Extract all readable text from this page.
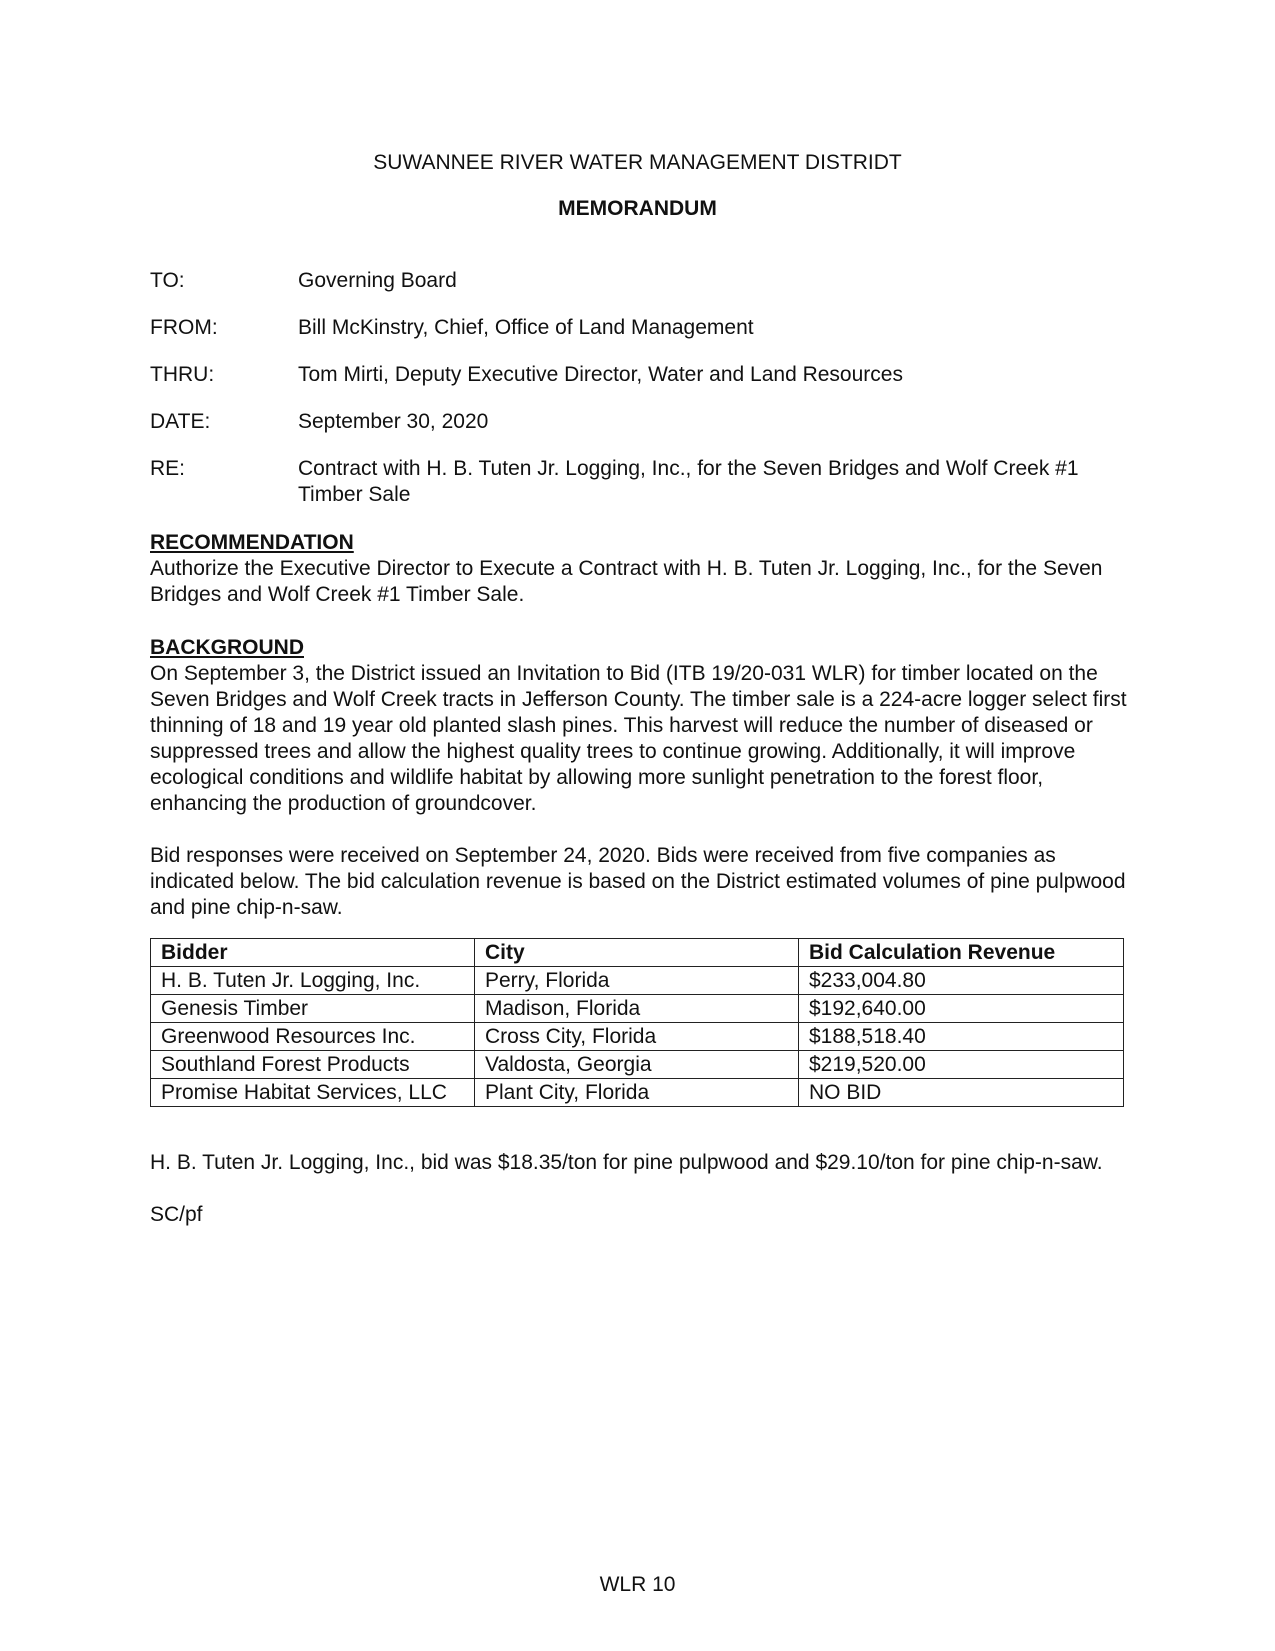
SUWANNEE RIVER WATER MANAGEMENT DISTRIDT
MEMORANDUM
TO:	Governing Board
FROM:	Bill McKinstry, Chief, Office of Land Management
THRU:	Tom Mirti, Deputy Executive Director, Water and Land Resources
DATE:	September 30, 2020
RE:	Contract with H. B. Tuten Jr. Logging, Inc., for the Seven Bridges and Wolf Creek #1 Timber Sale
RECOMMENDATION

Authorize the Executive Director to Execute a Contract with H. B. Tuten Jr. Logging, Inc., for the Seven Bridges and Wolf Creek #1 Timber Sale.

BACKGROUND

On September 3, the District issued an Invitation to Bid (ITB 19/20-031 WLR) for timber located on the Seven Bridges and Wolf Creek tracts in Jefferson County. The timber sale is a 224-acre logger select first thinning of 18 and 19 year old planted slash pines. This harvest will reduce the number of diseased or suppressed trees and allow the highest quality trees to continue growing. Additionally, it will improve ecological conditions and wildlife habitat by allowing more sunlight penetration to the forest floor, enhancing the production of groundcover.

Bid responses were received on September 24, 2020. Bids were received from five companies as indicated below. The bid calculation revenue is based on the District estimated volumes of pine pulpwood and pine chip-n-saw.

Bidder	City	Bid Calculation Revenue
H. B. Tuten Jr. Logging, Inc.	Perry, Florida	$233,004.80
Genesis Timber	Madison, Florida	$192,640.00
Greenwood Resources Inc.	Cross City, Florida	$188,518.40
Southland Forest Products	Valdosta, Georgia	$219,520.00
Promise Habitat Services, LLC	Plant City, Florida	NO BID

H. B. Tuten Jr. Logging, Inc., bid was $18.35/ton for pine pulpwood and $29.10/ton for pine chip-n-saw.

SC/pf

WLR 10
